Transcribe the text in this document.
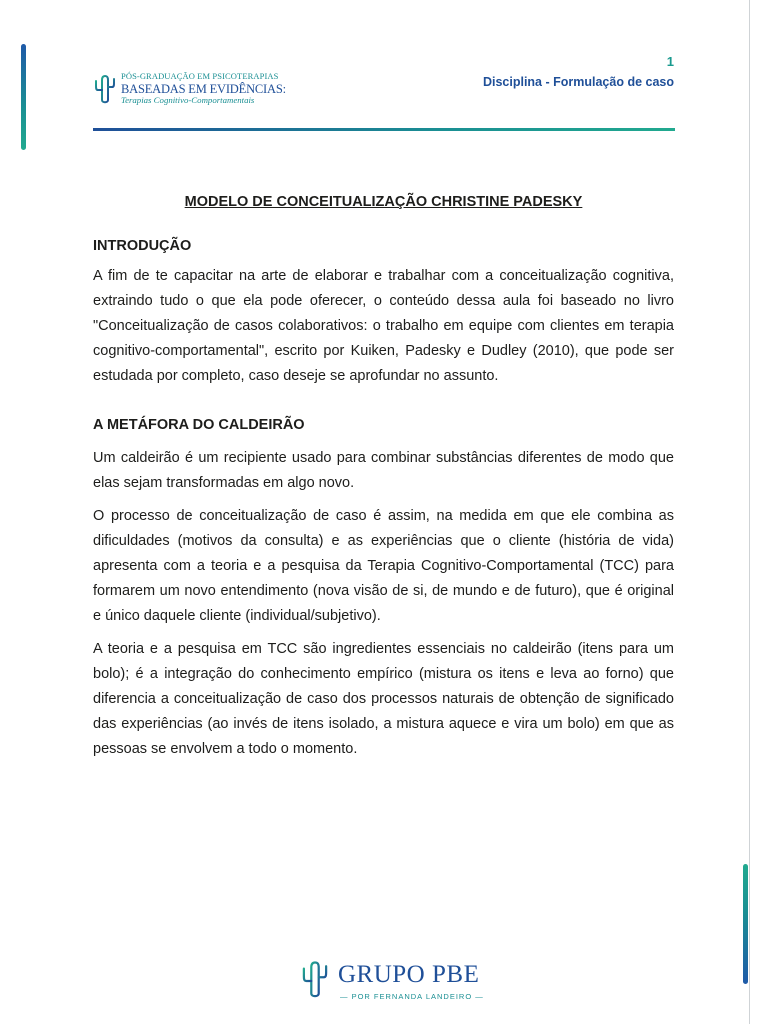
PÓS-GRADUAÇÃO EM PSICOTERAPIAS
BASEADAS EM EVIDÊNCIAS:
Terapias Cognitivo-Comportamentais
1
Disciplina - Formulação de caso
MODELO DE CONCEITUALIZAÇÃO CHRISTINE PADESKY
INTRODUÇÃO

A fim de te capacitar na arte de elaborar e trabalhar com a conceitualização cognitiva, extraindo tudo o que ela pode oferecer, o conteúdo dessa aula foi baseado no livro "Conceitualização de casos colaborativos: o trabalho em equipe com clientes em terapia cognitivo-comportamental", escrito por Kuiken, Padesky e Dudley (2010), que pode ser estudada por completo, caso deseje se aprofundar no assunto.

A METÁFORA DO CALDEIRÃO

Um caldeirão é um recipiente usado para combinar substâncias diferentes de modo que elas sejam transformadas em algo novo.

O processo de conceitualização de caso é assim, na medida em que ele combina as dificuldades (motivos da consulta) e as experiências que o cliente (história de vida) apresenta com a teoria e a pesquisa da Terapia Cognitivo-Comportamental (TCC) para formarem um novo entendimento (nova visão de si, de mundo e de futuro), que é original e único daquele cliente (individual/subjetivo).

A teoria e a pesquisa em TCC são ingredientes essenciais no caldeirão (itens para um bolo); é a integração do conhecimento empírico (mistura os itens e leva ao forno) que diferencia a conceitualização de caso dos processos naturais de obtenção de significado das experiências (ao invés de itens isolado, a mistura aquece e vira um bolo) em que as pessoas se envolvem a todo o momento.

GRUPO PBE
— POR FERNANDA LANDEIRO —
